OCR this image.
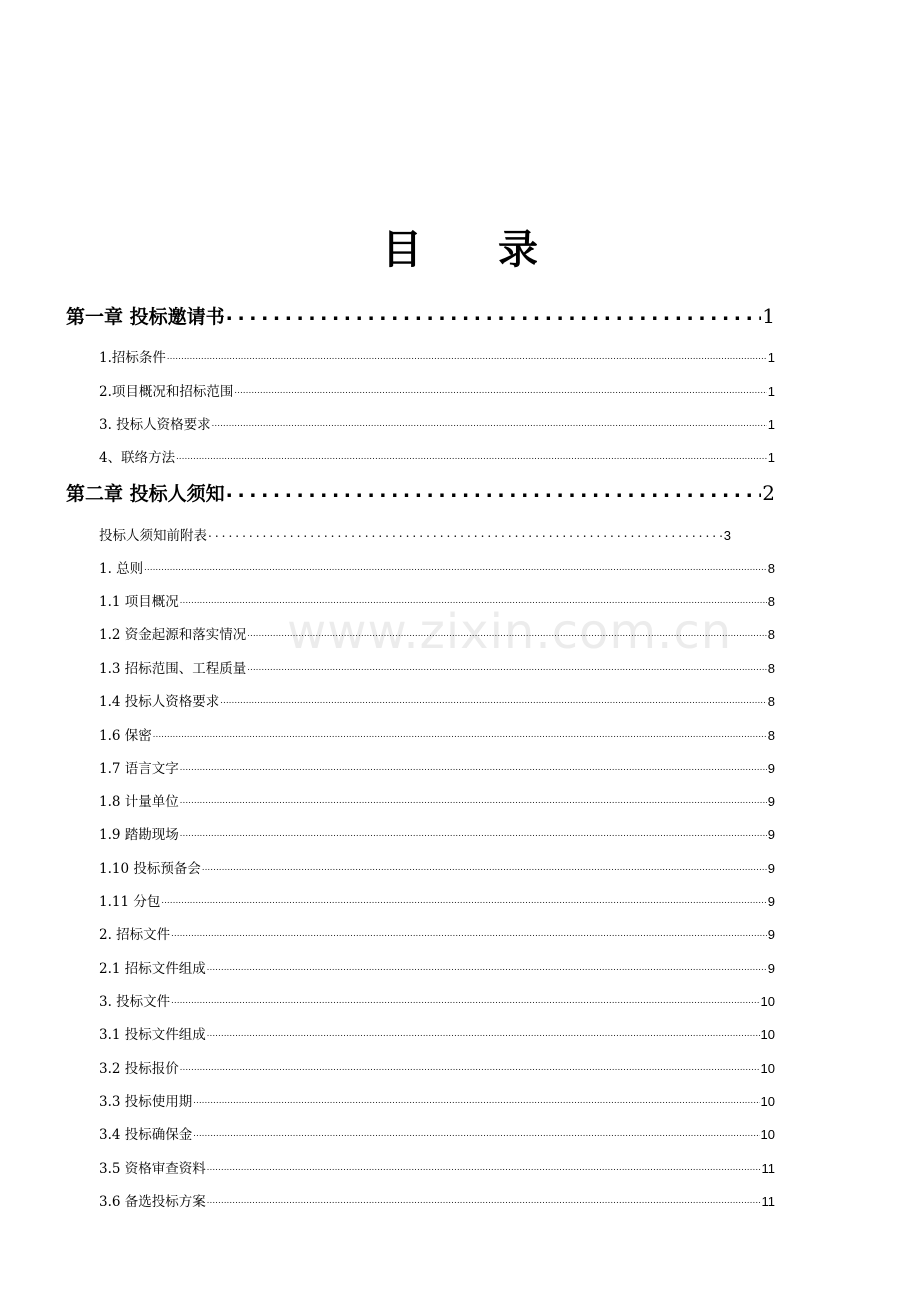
目 录
www.zixin.com.cn
第一章 投标邀请书 .....	1
1.招标条件 .....	1
2.项目概况和招标范围 .....	1
3. 投标人资格要求 .....	1
4、联络方法 .....	1
第二章 投标人须知 .....	2
投标人须知前附表 .....	3
1. 总则 .....	8
1.1 项目概况 .....	8
1.2 资金起源和落实情况 .....	8
1.3 招标范围、工程质量 .....	8
1.4 投标人资格要求 .....	8
1.6 保密 .....	8
1.7 语言文字 .....	9
1.8 计量单位 .....	9
1.9 踏勘现场 .....	9
1.10 投标预备会 .....	9
1.11 分包 .....	9
2. 招标文件 .....	9
2.1 招标文件组成 .....	9
3. 投标文件 .....	10
3.1 投标文件组成 .....	10
3.2 投标报价 .....	10
3.3 投标使用期 .....	10
3.4 投标确保金 .....	10
3.5 资格审查资料 .....	11
3.6 备选投标方案 .....	11
